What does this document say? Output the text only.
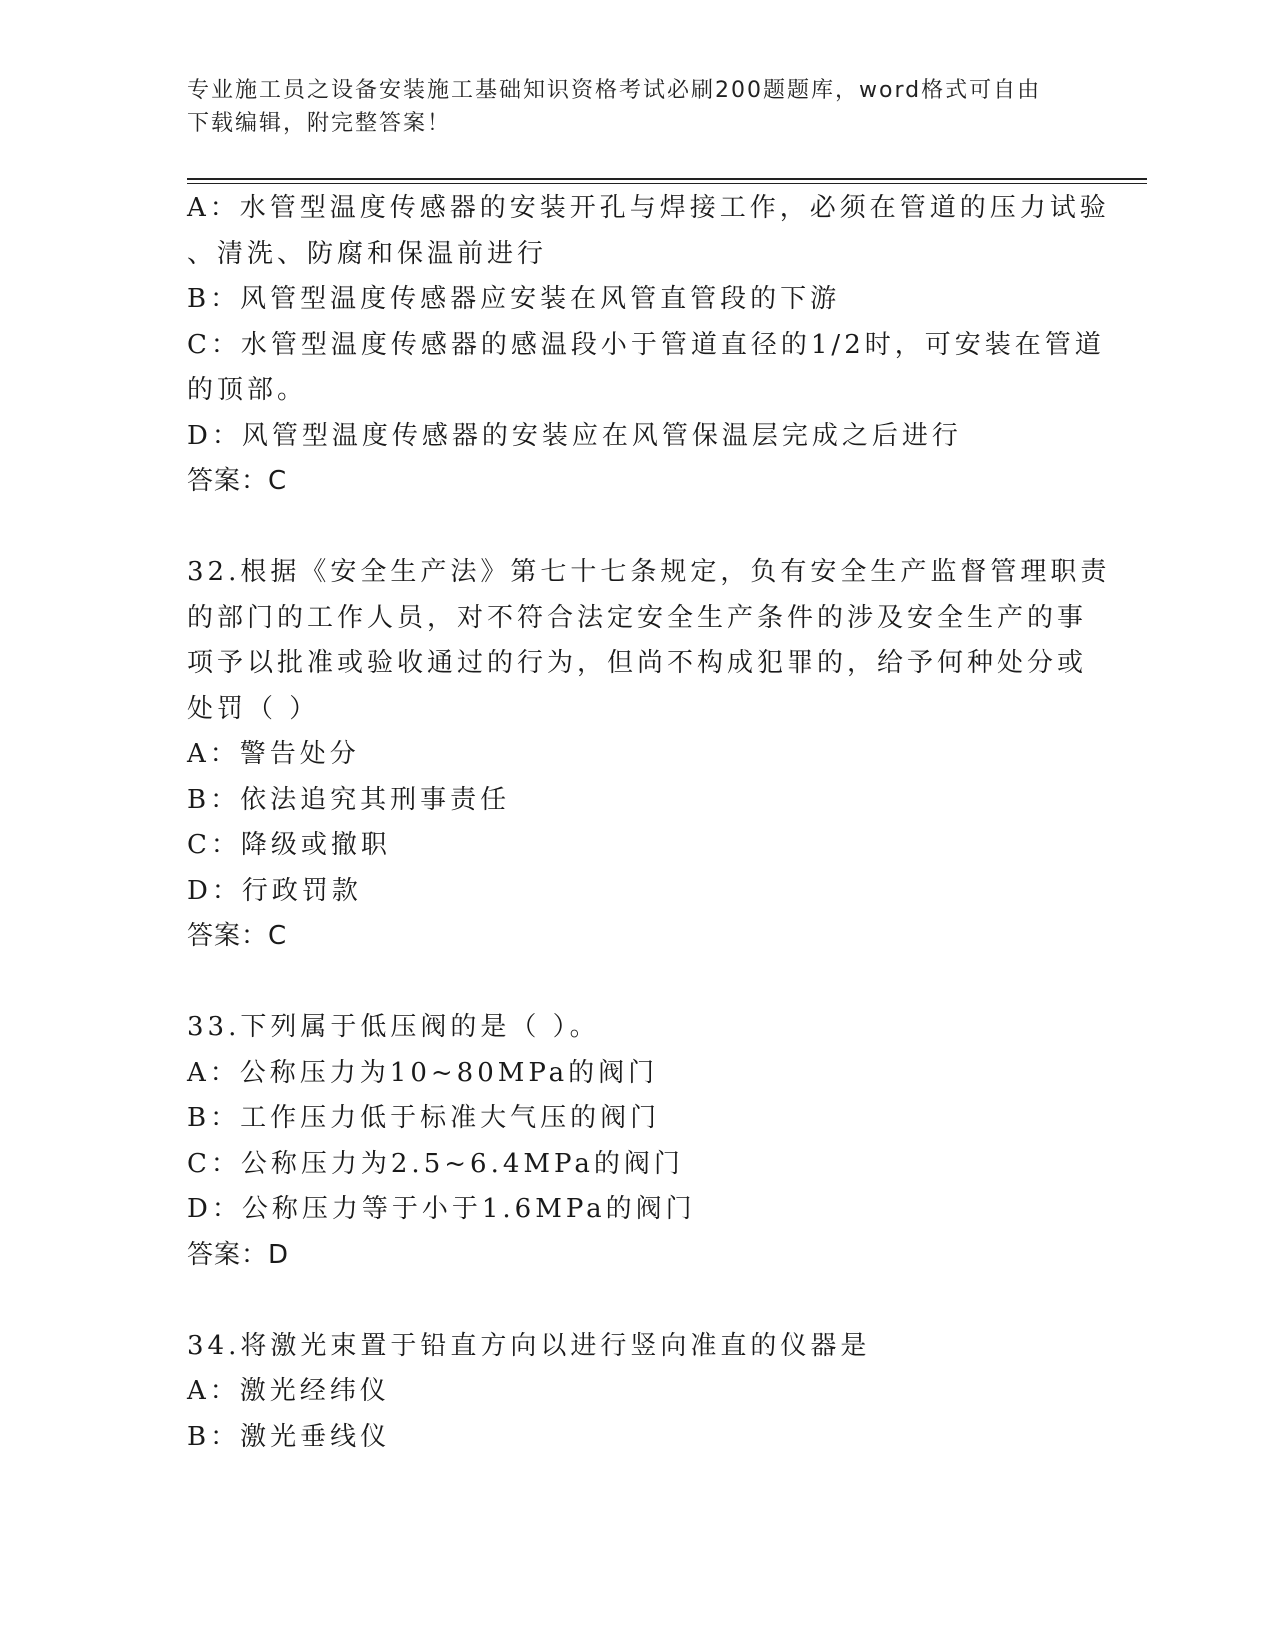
专业施工员之设备安装施工基础知识资格考试必刷200题题库，word格式可自由
下载编辑，附完整答案！
A：水管型温度传感器的安装开孔与焊接工作，必须在管道的压力试验
、清洗、防腐和保温前进行
B：风管型温度传感器应安装在风管直管段的下游
C：水管型温度传感器的感温段小于管道直径的1/2时，可安装在管道
的顶部。
D：风管型温度传感器的安装应在风管保温层完成之后进行
答案：C
32.根据《安全生产法》第七十七条规定，负有安全生产监督管理职责
的部门的工作人员，对不符合法定安全生产条件的涉及安全生产的事
项予以批准或验收通过的行为，但尚不构成犯罪的，给予何种处分或
处罚（ ）
A：警告处分
B：依法追究其刑事责任
C：降级或撤职
D：行政罚款
答案：C
33.下列属于低压阀的是（ ）。
A：公称压力为10~80MPa的阀门
B：工作压力低于标准大气压的阀门
C：公称压力为2.5~6.4MPa的阀门
D：公称压力等于小于1.6MPa的阀门
答案：D
34.将激光束置于铅直方向以进行竖向准直的仪器是
A：激光经纬仪
B：激光垂线仪
